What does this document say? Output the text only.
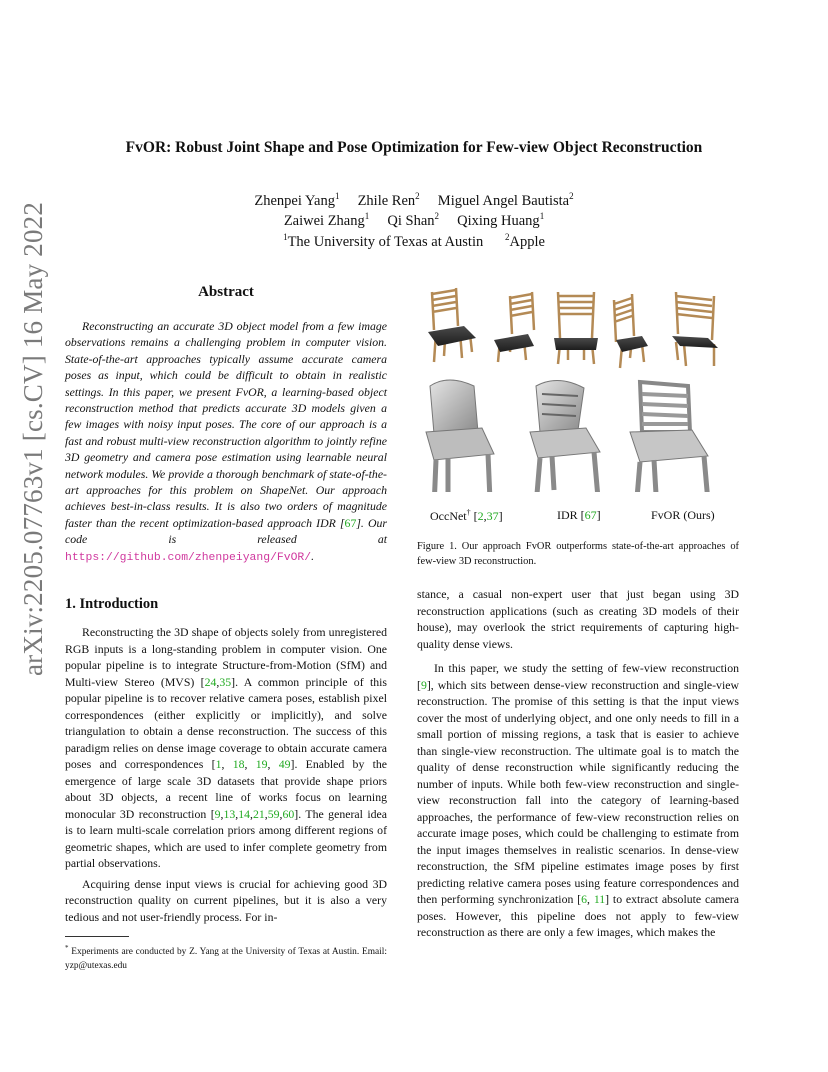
arXiv:2205.07763v1 [cs.CV] 16 May 2022
FvOR: Robust Joint Shape and Pose Optimization for Few-view Object Reconstruction
Zhenpei Yang$^1$ Zhile Ren$^2$ Miguel Angel Bautista$^2$
Zaiwei Zhang$^1$ Qi Shan$^2$ Qixing Huang$^1$
$^1$The University of Texas at Austin $^2$Apple
Abstract
Reconstructing an accurate 3D object model from a few image observations remains a challenging problem in computer vision. State-of-the-art approaches typically assume accurate camera poses as input, which could be difficult to obtain in realistic settings. In this paper, we present FvOR, a learning-based object reconstruction method that predicts accurate 3D models given a few images with noisy input poses. The core of our approach is a fast and robust multi-view reconstruction algorithm to jointly refine 3D geometry and camera pose estimation using learnable neural network modules. We provide a thorough benchmark of state-of-the-art approaches for this problem on ShapeNet. Our approach achieves best-in-class results. It is also two orders of magnitude faster than the recent optimization-based approach IDR [67]. Our code is released at https://github.com/zhenpeiyang/FvOR/.
OccNet† [2,37]	IDR [67]	FvOR (Ours)
Figure 1. Our approach FvOR outperforms state-of-the-art approaches of few-view 3D reconstruction.
1. Introduction

Reconstructing the 3D shape of objects solely from unregistered RGB inputs is a long-standing problem in computer vision. One popular pipeline is to integrate Structure-from-Motion (SfM) and Multi-view Stereo (MVS) [24,35]. A common principle of this popular pipeline is to recover relative camera poses, establish pixel correspondences (either explicitly or implicitly), and solve triangulation to obtain a dense reconstruction. The success of this paradigm relies on dense image coverage to obtain accurate camera poses and correspondences [1, 18, 19, 49]. Enabled by the emergence of large scale 3D datasets that provide shape priors about 3D objects, a recent line of works focus on learning monocular 3D reconstruction [9,13,14,21,59,60]. The general idea is to learn multi-scale correlation priors among different regions of geometric shapes, which are used to infer complete geometry from partial observations.

Acquiring dense input views is crucial for achieving good 3D reconstruction quality on current pipelines, but it is also a very tedious and not user-friendly process. For in-

* Experiments are conducted by Z. Yang at the University of Texas at Austin. Email: yzp@utexas.edu

stance, a casual non-expert user that just began using 3D reconstruction applications (such as creating 3D models of their house), may overlook the strict requirements of capturing high-quality dense views.

In this paper, we study the setting of few-view reconstruction [9], which sits between dense-view reconstruction and single-view reconstruction. The promise of this setting is that the input views cover the most of underlying object, and one only needs to fill in a small portion of missing regions, a task that is easier to achieve than single-view reconstruction. The ultimate goal is to match the quality of dense reconstruction while significantly reducing the number of inputs. While both few-view reconstruction and single-view reconstruction fall into the category of learning-based approaches, the performance of few-view reconstruction relies on accurate image poses, which could be challenging to estimate from the input images themselves in realistic scenarios. In dense-view reconstruction, the SfM pipeline estimates image poses by first predicting relative camera poses using feature correspondences and then performing synchronization [6, 11] to extract absolute camera poses. However, this pipeline does not apply to few-view reconstruction as there are only a few images, which makes the
